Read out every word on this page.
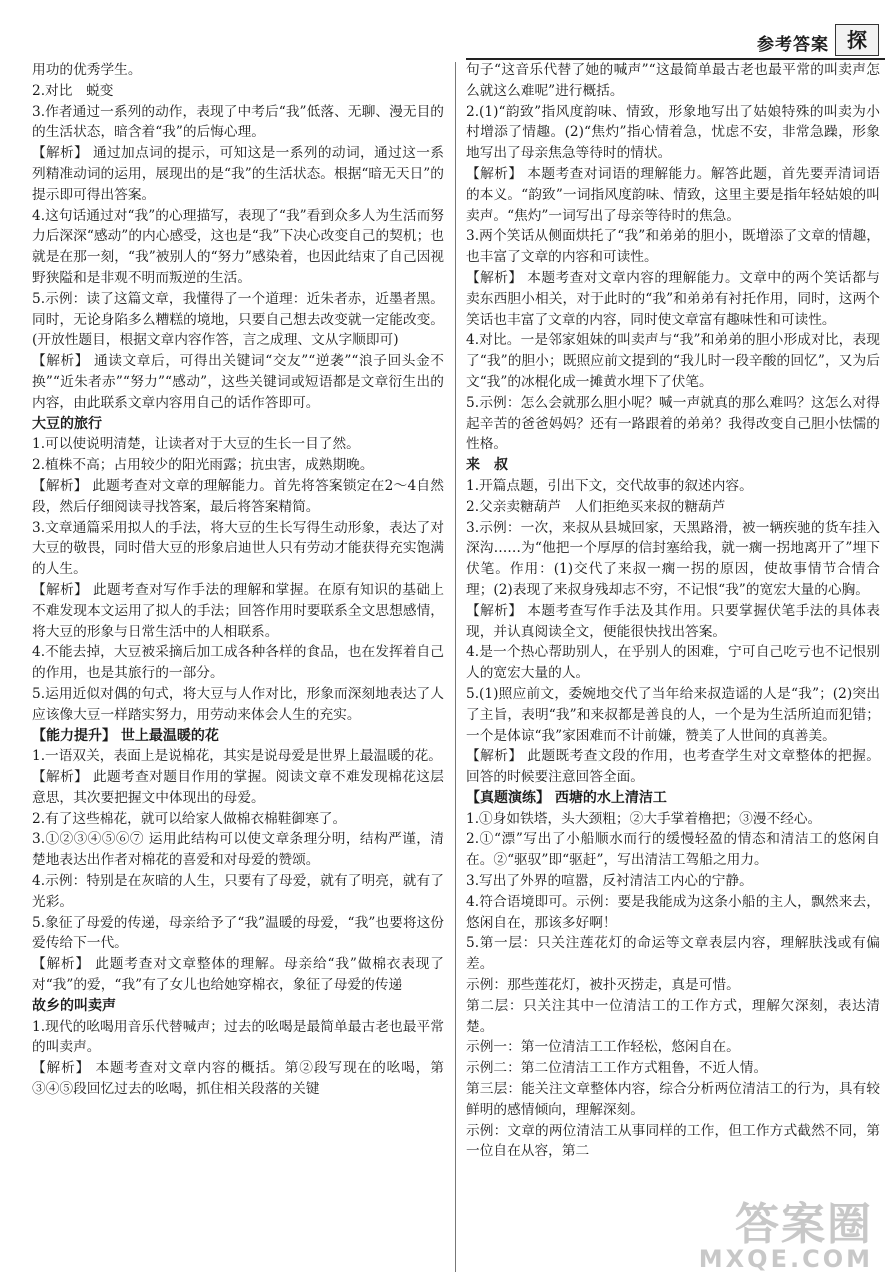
参考答案 探

用功的优秀学生。

2.对比　蜕变

3.作者通过一系列的动作，表现了中考后“我”低落、无聊、漫无目的的生活状态，暗含着“我”的后悔心理。

【解析】 通过加点词的提示，可知这是一系列的动词，通过这一系列精准动词的运用，展现出的是“我”的生活状态。根据“暗无天日”的提示即可得出答案。

4.这句话通过对“我”的心理描写，表现了“我”看到众多人为生活而努力后深深“感动”的内心感受，这也是“我”下决心改变自己的契机；也就是在那一刻，“我”被别人的“努力”感染着，也因此结束了自己因视野狭隘和是非观不明而叛逆的生活。

5.示例：读了这篇文章，我懂得了一个道理：近朱者赤，近墨者黑。同时，无论身陷多么糟糕的境地，只要自己想去改变就一定能改变。(开放性题目，根据文章内容作答，言之成理、文从字顺即可)

【解析】 通读文章后，可得出关键词“交友”“逆袭”“浪子回头金不换”“近朱者赤”“努力”“感动”，这些关键词或短语都是文章衍生出的内容，由此联系文章内容用自己的话作答即可。

大豆的旅行

1.可以使说明清楚，让读者对于大豆的生长一目了然。

2.植株不高；占用较少的阳光雨露；抗虫害，成熟期晚。

【解析】 此题考查对文章的理解能力。首先将答案锁定在2～4自然段，然后仔细阅读寻找答案，最后将答案精简。

3.文章通篇采用拟人的手法，将大豆的生长写得生动形象，表达了对大豆的敬畏，同时借大豆的形象启迪世人只有劳动才能获得充实饱满的人生。

【解析】 此题考查对写作手法的理解和掌握。在原有知识的基础上不难发现本文运用了拟人的手法；回答作用时要联系全文思想感情，将大豆的形象与日常生活中的人相联系。

4.不能去掉，大豆被采摘后加工成各种各样的食品，也在发挥着自己的作用，也是其旅行的一部分。

5.运用近似对偶的句式，将大豆与人作对比，形象而深刻地表达了人应该像大豆一样踏实努力，用劳动来体会人生的充实。

【能力提升】 世上最温暖的花

1.一语双关，表面上是说棉花，其实是说母爱是世界上最温暖的花。

【解析】 此题考查对题目作用的掌握。阅读文章不难发现棉花这层意思，其次要把握文中体现出的母爱。

2.有了这些棉花，就可以给家人做棉衣棉鞋御寒了。

3.①②③④⑤⑥⑦ 运用此结构可以使文章条理分明，结构严谨，清楚地表达出作者对棉花的喜爱和对母爱的赞颂。

4.示例：特别是在灰暗的人生，只要有了母爱，就有了明亮，就有了光彩。

5.象征了母爱的传递，母亲给予了“我”温暖的母爱，“我”也要将这份爱传给下一代。

【解析】 此题考查对文章整体的理解。母亲给“我”做棉衣表现了对“我”的爱，“我”有了女儿也给她穿棉衣，象征了母爱的传递

故乡的叫卖声

1.现代的吆喝用音乐代替喊声；过去的吆喝是最简单最古老也最平常的叫卖声。

【解析】 本题考查对文章内容的概括。第②段写现在的吆喝，第③④⑤段回忆过去的吆喝，抓住相关段落的关键

句子“这音乐代替了她的喊声”“这最简单最古老也最平常的叫卖声怎么就这么难呢”进行概括。

2.(1)“韵致”指风度韵味、情致，形象地写出了姑娘特殊的叫卖为小村增添了情趣。(2)“焦灼”指心情着急，忧虑不安，非常急躁，形象地写出了母亲焦急等待时的情状。

【解析】 本题考查对词语的理解能力。解答此题，首先要弄清词语的本义。“韵致”一词指风度韵味、情致，这里主要是指年轻姑娘的叫卖声。“焦灼”一词写出了母亲等待时的焦急。

3.两个笑话从侧面烘托了“我”和弟弟的胆小，既增添了文章的情趣，也丰富了文章的内容和可读性。

【解析】 本题考查对文章内容的理解能力。文章中的两个笑话都与卖东西胆小相关，对于此时的“我”和弟弟有衬托作用，同时，这两个笑话也丰富了文章的内容，同时使文章富有趣味性和可读性。

4.对比。一是邻家姐妹的叫卖声与“我”和弟弟的胆小形成对比，表现了“我”的胆小；既照应前文提到的“我儿时一段辛酸的回忆”，又为后文“我”的冰棍化成一摊黄水埋下了伏笔。

5.示例：怎么会就那么胆小呢？喊一声就真的那么难吗？这怎么对得起辛苦的爸爸妈妈？还有一路跟着的弟弟？我得改变自己胆小怯懦的性格。

来　叔

1.开篇点题，引出下文，交代故事的叙述内容。

2.父亲卖糖葫芦　人们拒绝买来叔的糖葫芦

3.示例：一次，来叔从县城回家，天黑路滑，被一辆疾驰的货车挂入深沟……为“他把一个厚厚的信封塞给我，就一瘸一拐地离开了”埋下伏笔。作用：(1)交代了来叔一瘸一拐的原因，使故事情节合情合理；(2)表现了来叔身残却志不穷，不记恨“我”的宽宏大量的心胸。

【解析】 本题考查写作手法及其作用。只要掌握伏笔手法的具体表现，并认真阅读全文，便能很快找出答案。

4.是一个热心帮助别人，在乎别人的困难，宁可自己吃亏也不记恨别人的宽宏大量的人。

5.(1)照应前文，委婉地交代了当年给来叔造谣的人是“我”；(2)突出了主旨，表明“我”和来叔都是善良的人，一个是为生活所迫而犯错；一个是体谅“我”家困难而不计前嫌，赞美了人世间的真善美。

【解析】 此题既考查文段的作用，也考查学生对文章整体的把握。回答的时候要注意回答全面。

【真题演练】 西塘的水上清洁工

1.①身如铁塔，头大颈粗；②大手掌着橹把；③漫不经心。

2.①“漂”写出了小船顺水而行的缓慢轻盈的情态和清洁工的悠闲自在。②“驱驭”即“驱赶”，写出清洁工驾船之用力。

3.写出了外界的喧嚣，反衬清洁工内心的宁静。

4.符合语境即可。示例：要是我能成为这条小船的主人，飘然来去，悠闲自在，那该多好啊！

5.第一层：只关注莲花灯的命运等文章表层内容，理解肤浅或有偏差。

示例：那些莲花灯，被扑灭捞走，真是可惜。

第二层：只关注其中一位清洁工的工作方式，理解欠深刻，表达清楚。

示例一：第一位清洁工工作轻松，悠闲自在。

示例二：第二位清洁工工作方式粗鲁，不近人情。

第三层：能关注文章整体内容，综合分析两位清洁工的行为，具有较鲜明的感情倾向，理解深刻。

示例：文章的两位清洁工从事同样的工作，但工作方式截然不同，第一位自在从容，第二

答案圈
MXQE.COM
